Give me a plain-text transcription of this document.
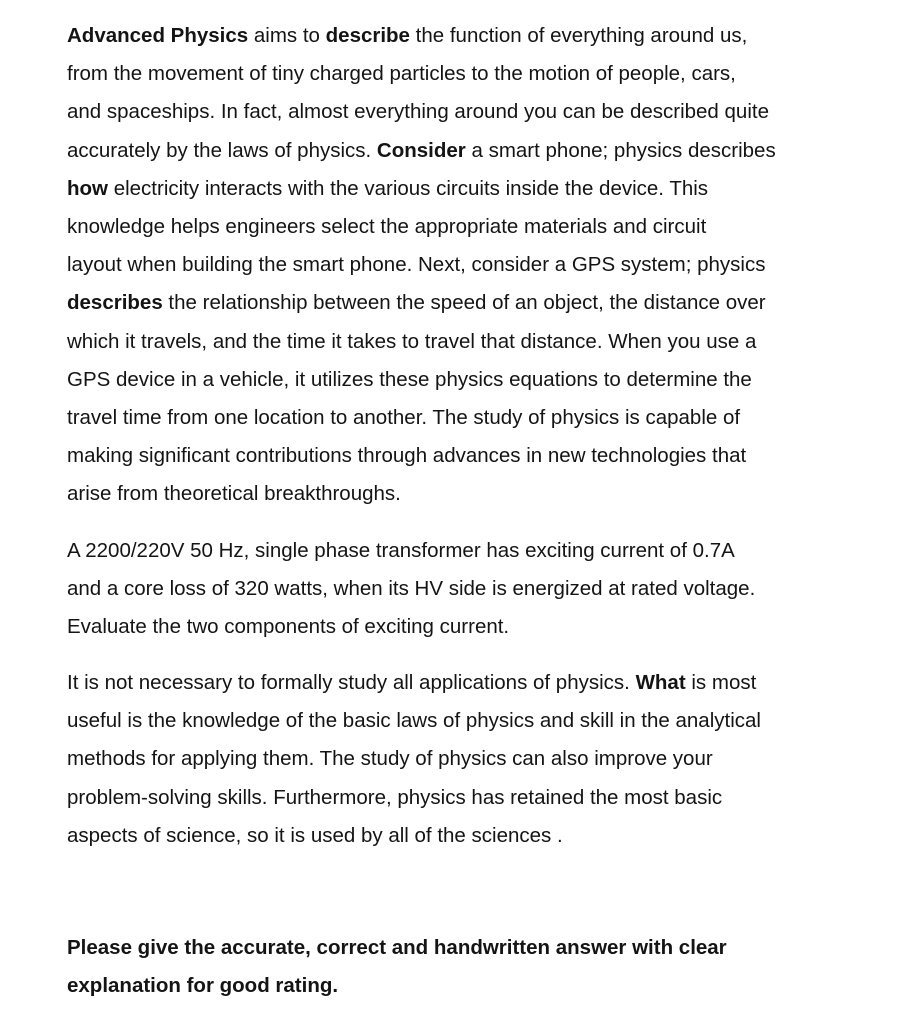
Advanced Physics aims to describe the function of everything around us,
from the movement of tiny charged particles to the motion of people, cars,
and spaceships. In fact, almost everything around you can be described quite
accurately by the laws of physics. Consider a smart phone; physics describes
how electricity interacts with the various circuits inside the device. This
knowledge helps engineers select the appropriate materials and circuit
layout when building the smart phone. Next, consider a GPS system; physics
describes the relationship between the speed of an object, the distance over
which it travels, and the time it takes to travel that distance. When you use a
GPS device in a vehicle, it utilizes these physics equations to determine the
travel time from one location to another. The study of physics is capable of
making significant contributions through advances in new technologies that
arise from theoretical breakthroughs.

A 2200/220V 50 Hz, single phase transformer has exciting current of 0.7A
and a core loss of 320 watts, when its HV side is energized at rated voltage.
Evaluate the two components of exciting current.

It is not necessary to formally study all applications of physics. What is most
useful is the knowledge of the basic laws of physics and skill in the analytical
methods for applying them. The study of physics can also improve your
problem-solving skills. Furthermore, physics has retained the most basic
aspects of science, so it is used by all of the sciences .

Please give the accurate, correct and handwritten answer with clear
explanation for good rating.
